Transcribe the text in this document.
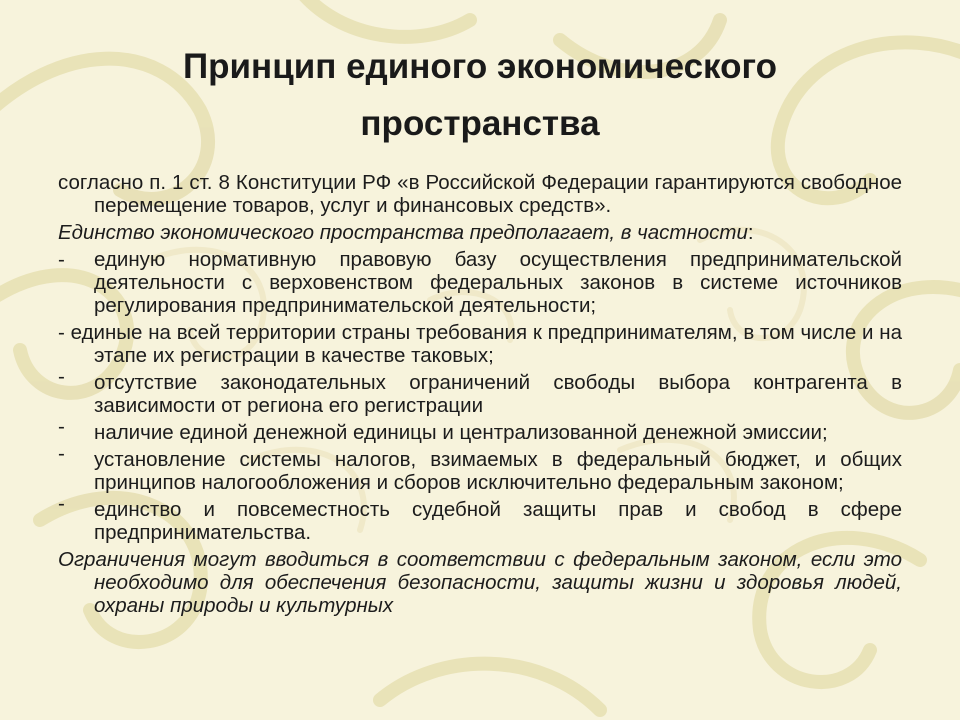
Принцип единого экономического пространства

согласно п. 1 ст. 8 Конституции РФ «в Российской Федерации гарантируются свободное перемещение товаров, услуг и финансовых средств».

Единство экономического пространства предполагает, в частности:

- единую нормативную правовую базу осуществления предпринимательской деятельности с верховенством федеральных законов в системе источников регулирования предпринимательской деятельности;
- единые на всей территории страны требования к предпринимателям, в том числе и на этапе их регистрации в качестве таковых;
- отсутствие законодательных ограничений свободы выбора контрагента в зависимости от региона его регистрации
- наличие единой денежной единицы и централизованной денежной эмиссии;
- установление системы налогов, взимаемых в федеральный бюджет, и общих принципов налогообложения и сборов исключительно федеральным законом;
- единство и повсеместность судебной защиты прав и свобод в сфере предпринимательства.

Ограничения могут вводиться в соответствии с федеральным законом, если это необходимо для обеспечения безопасности, защиты жизни и здоровья людей, охраны природы и культурных
